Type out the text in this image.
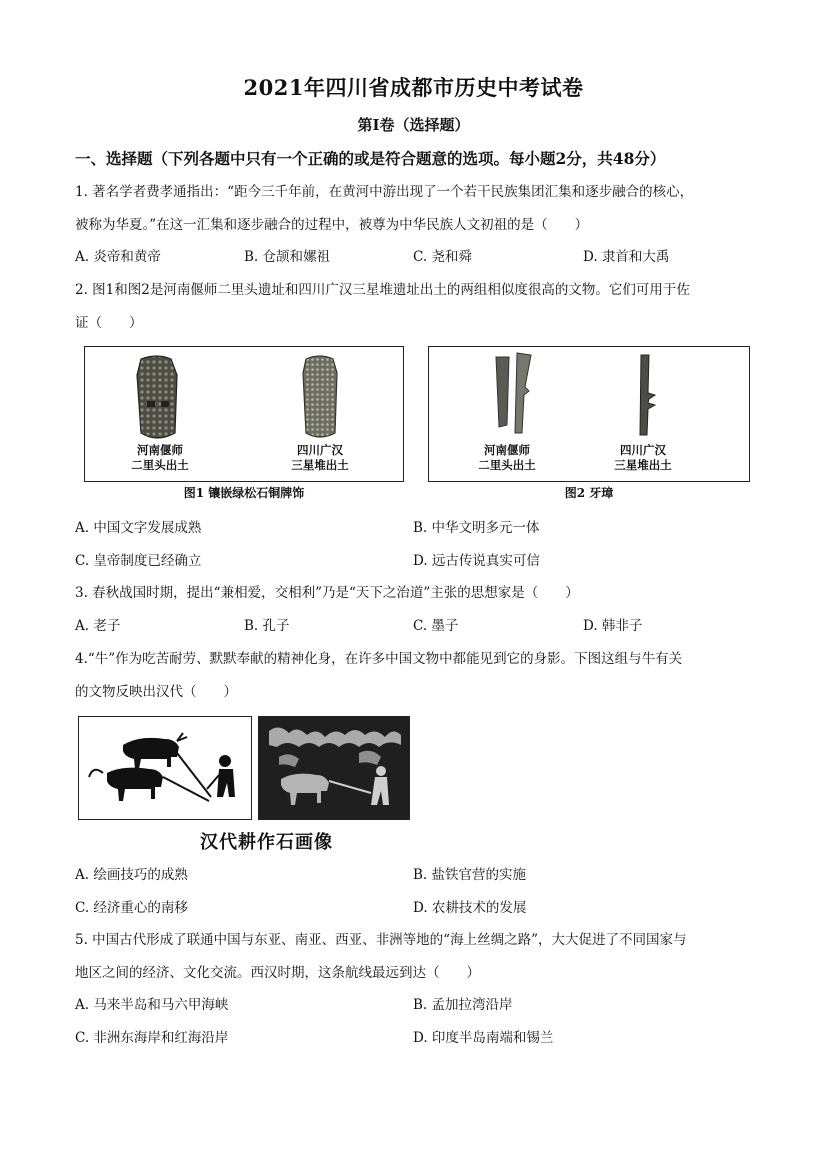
2021年四川省成都市历史中考试卷
第Ⅰ卷（选择题）
一、选择题（下列各题中只有一个正确的或是符合题意的选项。每小题2分，共48分）
1. 著名学者费孝通指出：“距今三千年前，在黄河中游出现了一个若干民族集团汇集和逐步融合的核心，
被称为华夏。”在这一汇集和逐步融合的过程中，被尊为中华民族人文初祖的是（　　）
A. 炎帝和黄帝	B. 仓颉和嫘祖	C. 尧和舜	D. 隶首和大禹
2. 图1和图2是河南偃师二里头遗址和四川广汉三星堆遗址出土的两组相似度很高的文物。它们可用于佐
证（　　）
河南偃师
二里头出土
四川广汉
三星堆出土
图1 镶嵌绿松石铜牌饰
河南偃师
二里头出土
四川广汉
三星堆出土
图2 牙璋
A. 中国文字发展成熟	B. 中华文明多元一体
C. 皇帝制度已经确立	D. 远古传说真实可信
3. 春秋战国时期，提出“兼相爱，交相利”乃是“天下之治道”主张的思想家是（　　）
A. 老子	B. 孔子	C. 墨子	D. 韩非子
4.“牛”作为吃苦耐劳、默默奉献的精神化身，在许多中国文物中都能见到它的身影。下图这组与牛有关
的文物反映出汉代（　　）
汉代耕作石画像
A. 绘画技巧的成熟	B. 盐铁官营的实施
C. 经济重心的南移	D. 农耕技术的发展
5. 中国古代形成了联通中国与东亚、南亚、西亚、非洲等地的“海上丝绸之路”，大大促进了不同国家与
地区之间的经济、文化交流。西汉时期，这条航线最远到达（　　）
A. 马来半岛和马六甲海峡	B. 孟加拉湾沿岸
C. 非洲东海岸和红海沿岸	D. 印度半岛南端和锡兰
